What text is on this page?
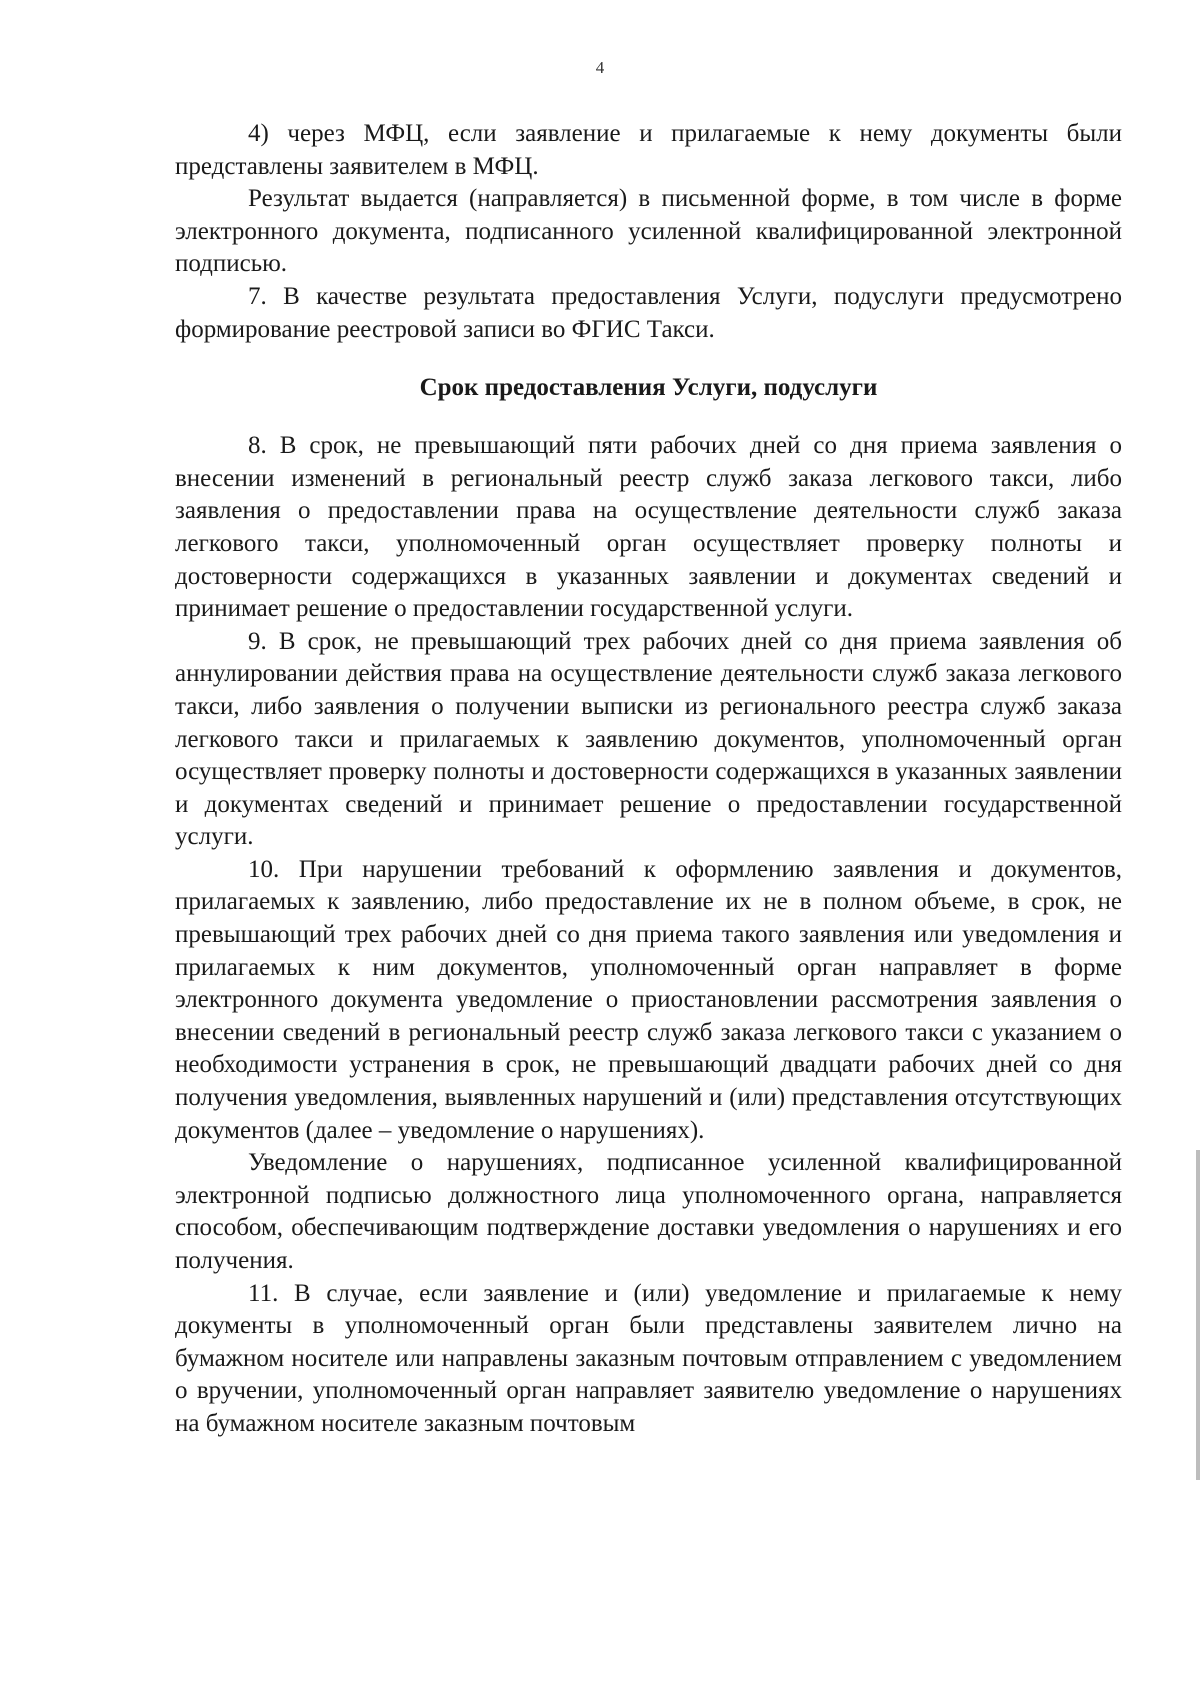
4

4) через МФЦ, если заявление и прилагаемые к нему документы были представлены заявителем в МФЦ.

Результат выдается (направляется) в письменной форме, в том числе в форме электронного документа, подписанного усиленной квалифицированной электронной подписью.

7. В качестве результата предоставления Услуги, подуслуги предусмотрено формирование реестровой записи во ФГИС Такси.

Срок предоставления Услуги, подуслуги

8. В срок, не превышающий пяти рабочих дней со дня приема заявления о внесении изменений в региональный реестр служб заказа легкового такси, либо заявления о предоставлении права на осуществление деятельности служб заказа легкового такси, уполномоченный орган осуществляет проверку полноты и достоверности содержащихся в указанных заявлении и документах сведений и принимает решение о предоставлении государственной услуги.

9. В срок, не превышающий трех рабочих дней со дня приема заявления об аннулировании действия права на осуществление деятельности служб заказа легкового такси, либо заявления о получении выписки из регионального реестра служб заказа легкового такси и прилагаемых к заявлению документов, уполномоченный орган осуществляет проверку полноты и достоверности содержащихся в указанных заявлении и документах сведений и принимает решение о предоставлении государственной услуги.

10. При нарушении требований к оформлению заявления и документов, прилагаемых к заявлению, либо предоставление их не в полном объеме, в срок, не превышающий трех рабочих дней со дня приема такого заявления или уведомления и прилагаемых к ним документов, уполномоченный орган направляет в форме электронного документа уведомление о приостановлении рассмотрения заявления о внесении сведений в региональный реестр служб заказа легкового такси с указанием о необходимости устранения в срок, не превышающий двадцати рабочих дней со дня получения уведомления, выявленных нарушений и (или) представления отсутствующих документов (далее – уведомление о нарушениях).

Уведомление о нарушениях, подписанное усиленной квалифицированной электронной подписью должностного лица уполномоченного органа, направляется способом, обеспечивающим подтверждение доставки уведомления о нарушениях и его получения.

11. В случае, если заявление и (или) уведомление и прилагаемые к нему документы в уполномоченный орган были представлены заявителем лично на бумажном носителе или направлены заказным почтовым отправлением с уведомлением о вручении, уполномоченный орган направляет заявителю уведомление о нарушениях на бумажном носителе заказным почтовым
